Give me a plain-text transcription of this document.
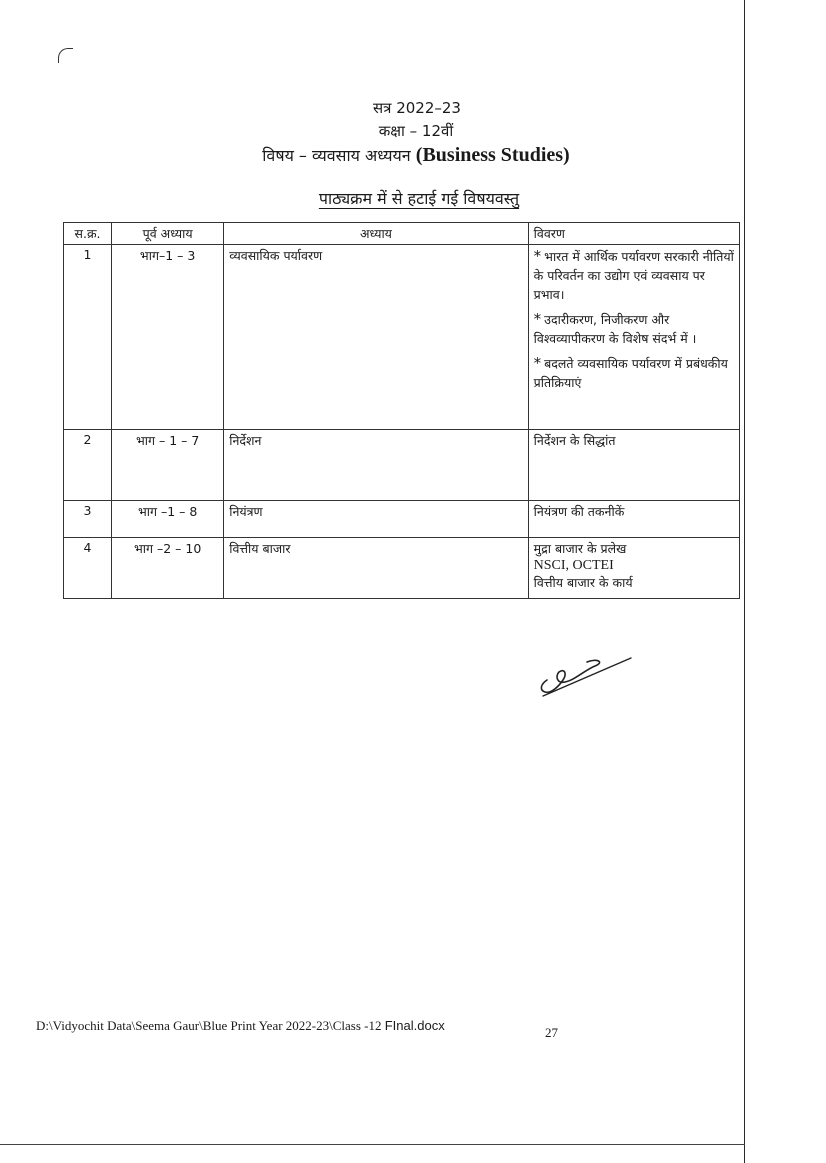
सत्र 2022–23
कक्षा – 12वीं
विषय – व्यवसाय अध्ययन (Business Studies)
पाठ्यक्रम में से हटाई गई विषयवस्तु
स.क्र.	पूर्व अध्याय	अध्याय	विवरण
1	भाग–1 – 3	व्यवसायिक पर्यावरण	* भारत में आर्थिक पर्यावरण सरकारी नीतियों के परिवर्तन का उद्योग एवं व्यवसाय पर प्रभाव।

* उदारीकरण, निजीकरण और विश्वव्यापीकरण के विशेष संदर्भ में ।

* बदलते व्यवसायिक पर्यावरण में प्रबंधकीय प्रतिक्रियाएं

2	भाग – 1 – 7	निर्देशन	निर्देशन के सिद्धांत

3	भाग –1 – 8	नियंत्रण	नियंत्रण की तकनीकें

4	भाग –2 – 10	वित्तीय बाजार	मुद्रा बाजार के प्रलेख
NSCI, OCTEI
वित्तीय बाजार के कार्य
D:\Vidyochit Data\Seema Gaur\Blue Print Year 2022-23\Class -12 FInal.docx	27
